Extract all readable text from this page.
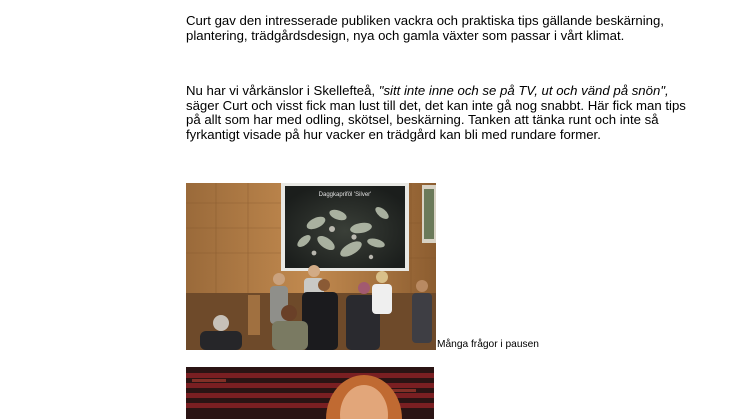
Curt gav den intresserade publiken vackra och praktiska tips gällande beskärning, plantering, trädgårdsdesign, nya och gamla växter som passar i vårt klimat.

Nu har vi vårkänslor i Skellefteå, "sitt inte inne och se på TV, ut och vänd på snön", säger Curt och visst fick man lust till det, det kan inte gå nog snabbt. Här fick man tips på allt som har med odling, skötsel, beskärning. Tanken att tänka runt och inte så fyrkantigt visade på hur vacker en trädgård kan bli med rundare former.

Daggkapriföl 'Silver'
Många frågor i pausen
